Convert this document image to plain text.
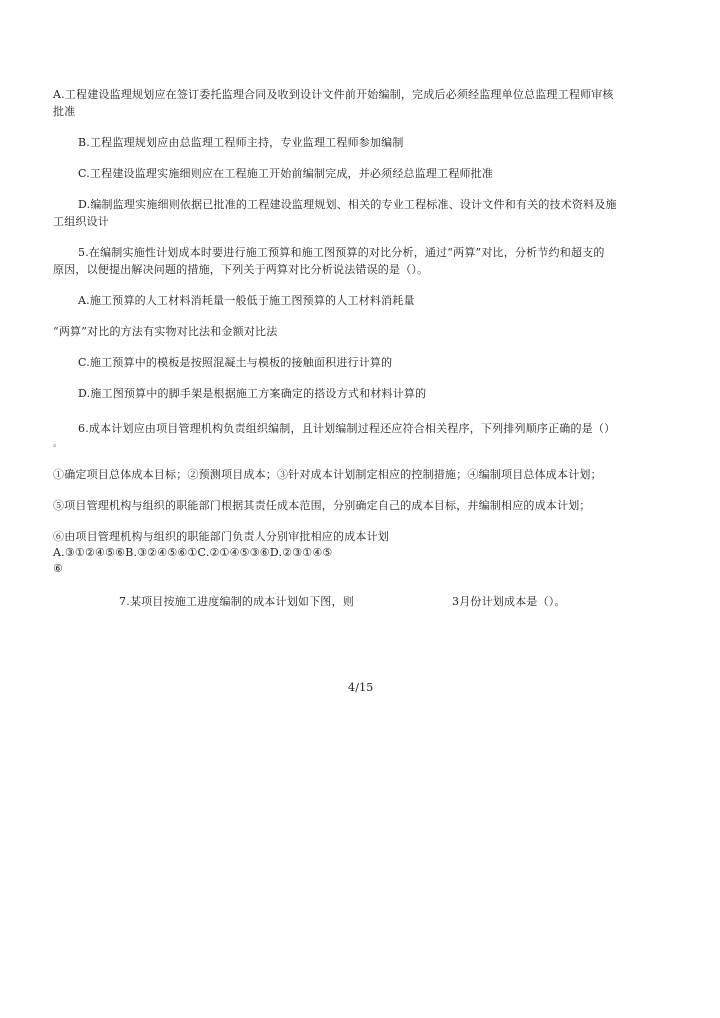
A.工程建设监理规划应在签订委托监理合同及收到设计文件前开始编制，完成后必须经监理单位总监理工程师审核
批准
B.工程监理规划应由总监理工程师主持，专业监理工程师参加编制
C.工程建设监理实施细则应在工程施工开始前编制完成，并必须经总监理工程师批准
D.编制监理实施细则依据已批准的工程建设监理规划、相关的专业工程标准、设计文件和有关的技术资料及施
工组织设计
5.在编制实施性计划成本时要进行施工预算和施工图预算的对比分析，通过“两算”对比，分析节约和超支的
原因，以便提出解决问题的措施，下列关于两算对比分析说法错误的是（）。
A.施工预算的人工材料消耗量一般低于施工图预算的人工材料消耗量
“两算”对比的方法有实物对比法和金额对比法
C.施工预算中的模板是按照混凝土与模板的接触面积进行计算的
D.施工图预算中的脚手架是根据施工方案确定的搭设方式和材料计算的
6.成本计划应由项目管理机构负责组织编制，且计划编制过程还应符合相关程序，下列排列顺序正确的是（）
。
①确定项目总体成本目标；②预测项目成本；③针对成本计划制定相应的控制措施；④编制项目总体成本计划；
⑤项目管理机构与组织的职能部门根据其责任成本范围，分别确定自己的成本目标，并编制相应的成本计划；
⑥由项目管理机构与组织的职能部门负责人分别审批相应的成本计划
A.③①②④⑤⑥B.③②④⑤⑥①C.②①④⑤③⑥D.②③①④⑤
⑥
7.某项目按施工进度编制的成本计划如下图，则	3月份计划成本是（）。
4/15
